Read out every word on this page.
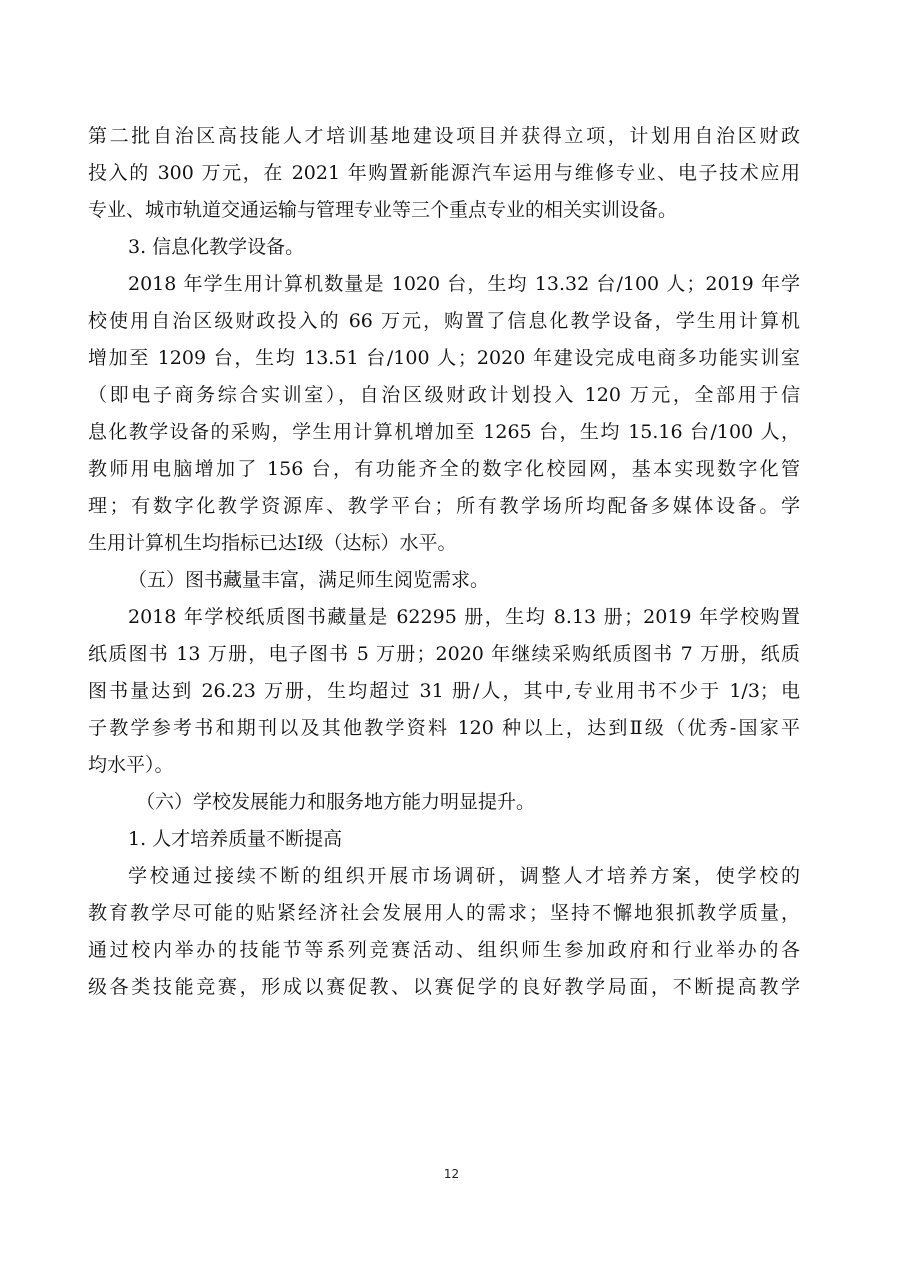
第二批自治区高技能人才培训基地建设项目并获得立项，计划用自治区财政
投入的 300 万元，在 2021 年购置新能源汽车运用与维修专业、电子技术应用
专业、城市轨道交通运输与管理专业等三个重点专业的相关实训设备。
3. 信息化教学设备。
2018 年学生用计算机数量是 1020 台，生均 13.32 台/100 人；2019 年学
校使用自治区级财政投入的 66 万元，购置了信息化教学设备，学生用计算机
增加至 1209 台，生均 13.51 台/100 人；2020 年建设完成电商多功能实训室
（即电子商务综合实训室），自治区级财政计划投入 120 万元，全部用于信
息化教学设备的采购，学生用计算机增加至 1265 台，生均 15.16 台/100 人，
教师用电脑增加了 156 台，有功能齐全的数字化校园网，基本实现数字化管
理；有数字化教学资源库、教学平台；所有教学场所均配备多媒体设备。学
生用计算机生均指标已达Ⅰ级（达标）水平。
（五）图书藏量丰富，满足师生阅览需求。
2018 年学校纸质图书藏量是 62295 册，生均 8.13 册；2019 年学校购置
纸质图书 13 万册，电子图书 5 万册；2020 年继续采购纸质图书 7 万册，纸质
图书量达到 26.23 万册，生均超过 31 册/人，其中,专业用书不少于 1/3；电
子教学参考书和期刊以及其他教学资料 120 种以上，达到Ⅱ级（优秀-国家平
均水平）。
（六）学校发展能力和服务地方能力明显提升。
1. 人才培养质量不断提高
学校通过接续不断的组织开展市场调研，调整人才培养方案，使学校的
教育教学尽可能的贴紧经济社会发展用人的需求；坚持不懈地狠抓教学质量，
通过校内举办的技能节等系列竞赛活动、组织师生参加政府和行业举办的各
级各类技能竞赛，形成以赛促教、以赛促学的良好教学局面，不断提高教学
12
